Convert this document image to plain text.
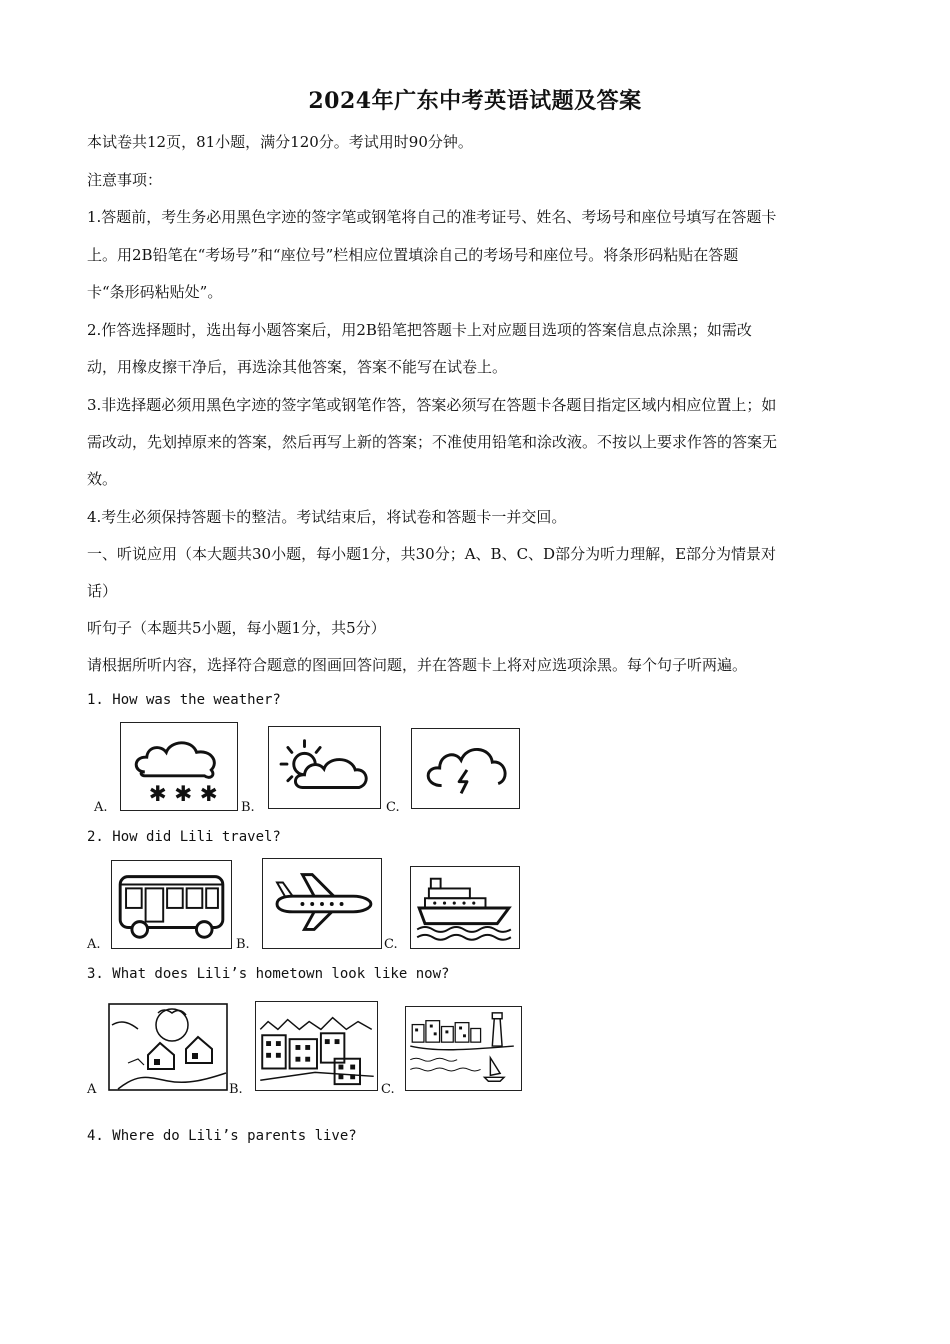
2024年广东中考英语试题及答案
本试卷共12页，81小题，满分120分。考试用时90分钟。
注意事项：
1.答题前，考生务必用黑色字迹的签字笔或钢笔将自己的准考证号、姓名、考场号和座位号填写在答题卡
上。用2B铅笔在“考场号”和“座位号”栏相应位置填涂自己的考场号和座位号。将条形码粘贴在答题
卡“条形码粘贴处”。
2.作答选择题时，选出每小题答案后，用2B铅笔把答题卡上对应题目选项的答案信息点涂黑；如需改
动，用橡皮擦干净后，再选涂其他答案，答案不能写在试卷上。
3.非选择题必须用黑色字迹的签字笔或钢笔作答，答案必须写在答题卡各题目指定区域内相应位置上；如
需改动，先划掉原来的答案，然后再写上新的答案；不准使用铅笔和涂改液。不按以上要求作答的答案无
效。
4.考生必须保持答题卡的整洁。考试结束后，将试卷和答题卡一并交回。
一、听说应用（本大题共30小题，每小题1分，共30分；A、B、C、D部分为听力理解，E部分为情景对
话）
听句子（本题共5小题，每小题1分，共5分）
请根据所听内容，选择符合题意的图画回答问题，并在答题卡上将对应选项涂黑。每个句子听两遍。
1. How was the weather?
A.
✱ ✱ ✱
B.	C.
2. How did Lili travel?
A.	B.	C.
3. What does Lili’s hometown look like now?
A	B.	C.
4. Where do Lili’s parents live?
